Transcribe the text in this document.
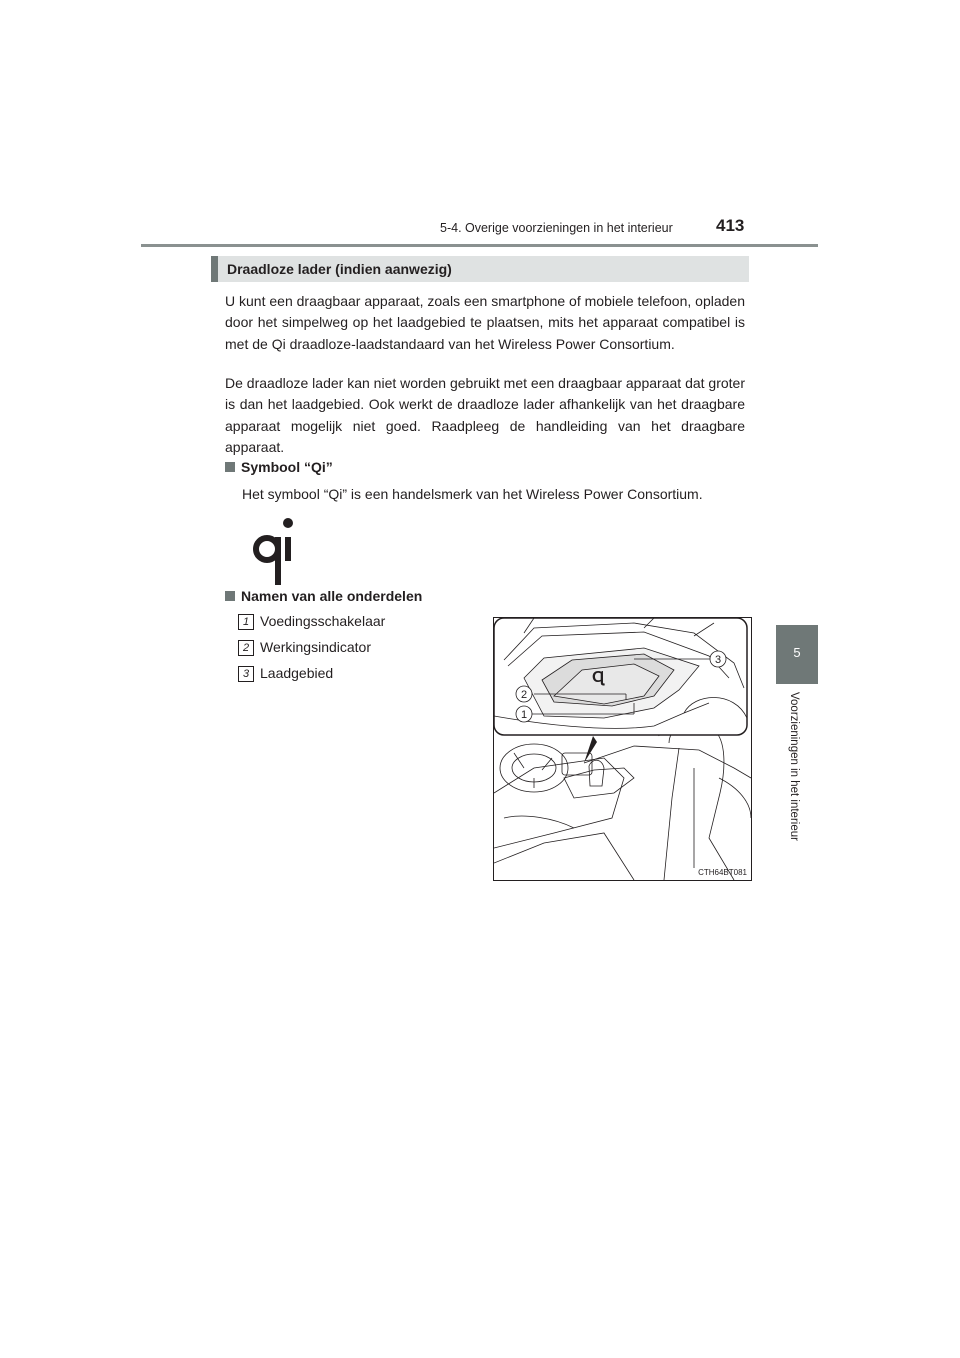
5-4. Overige voorzieningen in het interieur	413
5
Voorzieningen in het interieur
Draadloze lader (indien aanwezig)

U kunt een draagbaar apparaat, zoals een smartphone of mobiele telefoon, opladen door het simpelweg op het laadgebied te plaatsen, mits het apparaat compatibel is met de Qi draadloze-laadstandaard van het Wireless Power Consortium.

De draadloze lader kan niet worden gebruikt met een draagbaar apparaat dat groter is dan het laadgebied. Ook werkt de draadloze lader afhankelijk van het draagbare apparaat mogelijk niet goed. Raadpleeg de handleiding van het draagbare apparaat.

Symbool “Qi”
Het symbool “Qi” is een handelsmerk van het Wireless Power Consortium.
Namen van alle onderdelen
1 Voedingsschakelaar
2 Werkingsindicator
3 Laadgebied	Ɋ
3
2
1
CTH64BT081
